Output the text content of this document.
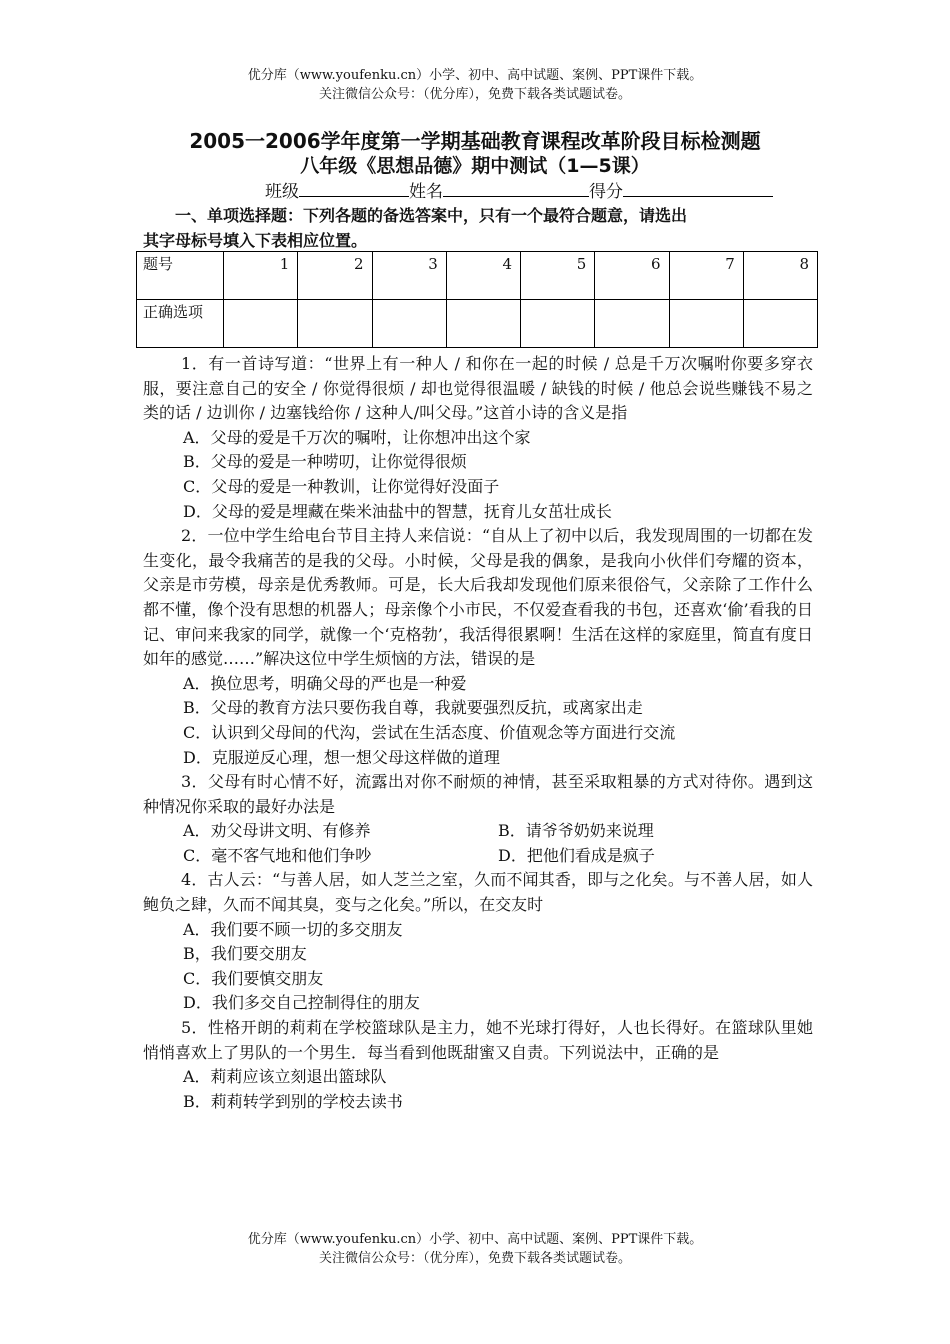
优分库（www.youfenku.cn）小学、初中、高中试题、案例、PPT课件下载。
关注微信公众号：（优分库），免费下载各类试题试卷。
2005一2006学年度第一学期基础教育课程改革阶段目标检测题
八年级《思想品德》期中测试（1—5课）
班级	姓名	得分

一、单项选择题：下列各题的备选答案中，只有一个最符合题意，请选出

其字母标号填入下表相应位置。

题号	1	2	3	4	5	6	7	8
正确选项								

1．有一首诗写道：“世界上有一种人 / 和你在一起的时候 / 总是千万次嘱咐你要多穿衣服，要注意自己的安全 / 你觉得很烦 / 却也觉得很温暖 / 缺钱的时候 / 他总会说些赚钱不易之类的话 / 边训你 / 边塞钱给你 / 这种人/叫父母。”这首小诗的含义是指

A．父母的爱是千万次的嘱咐，让你想冲出这个家

B．父母的爱是一种唠叨，让你觉得很烦

C．父母的爱是一种教训，让你觉得好没面子

D．父母的爱是埋藏在柴米油盐中的智慧，抚育儿女茁壮成长

2．一位中学生给电台节目主持人来信说：“自从上了初中以后，我发现周围的一切都在发生变化，最令我痛苦的是我的父母。小时候，父母是我的偶象，是我向小伙伴们夸耀的资本，父亲是市劳模，母亲是优秀教师。可是，长大后我却发现他们原来很俗气，父亲除了工作什么都不懂，像个没有思想的机器人；母亲像个小市民，不仅爱查看我的书包，还喜欢‘偷’看我的日记、审问来我家的同学，就像一个‘克格勃’，我活得很累啊！生活在这样的家庭里，简直有度日如年的感觉……”解决这位中学生烦恼的方法，错误的是

A．换位思考，明确父母的严也是一种爱

B．父母的教育方法只要伤我自尊，我就要强烈反抗，或离家出走

C．认识到父母间的代沟，尝试在生活态度、价值观念等方面进行交流

D．克服逆反心理，想一想父母这样做的道理

3．父母有时心情不好，流露出对你不耐烦的神情，甚至采取粗暴的方式对待你。遇到这种情况你采取的最好办法是

A．劝父母讲文明、有修养	B．请爷爷奶奶来说理

C．毫不客气地和他们争吵	D．把他们看成是疯子

4．古人云：“与善人居，如人芝兰之室，久而不闻其香，即与之化矣。与不善人居，如人鲍负之肆，久而不闻其臭，变与之化矣。”所以，在交友时

A．我们要不顾一切的多交朋友

B，我们要交朋友

C．我们要慎交朋友

D．我们多交自己控制得住的朋友

5．性格开朗的莉莉在学校篮球队是主力，她不光球打得好，人也长得好。在篮球队里她悄悄喜欢上了男队的一个男生．每当看到他既甜蜜又自责。下列说法中，正确的是

A．莉莉应该立刻退出篮球队

B．莉莉转学到别的学校去读书

优分库（www.youfenku.cn）小学、初中、高中试题、案例、PPT课件下载。
关注微信公众号：（优分库），免费下载各类试题试卷。
